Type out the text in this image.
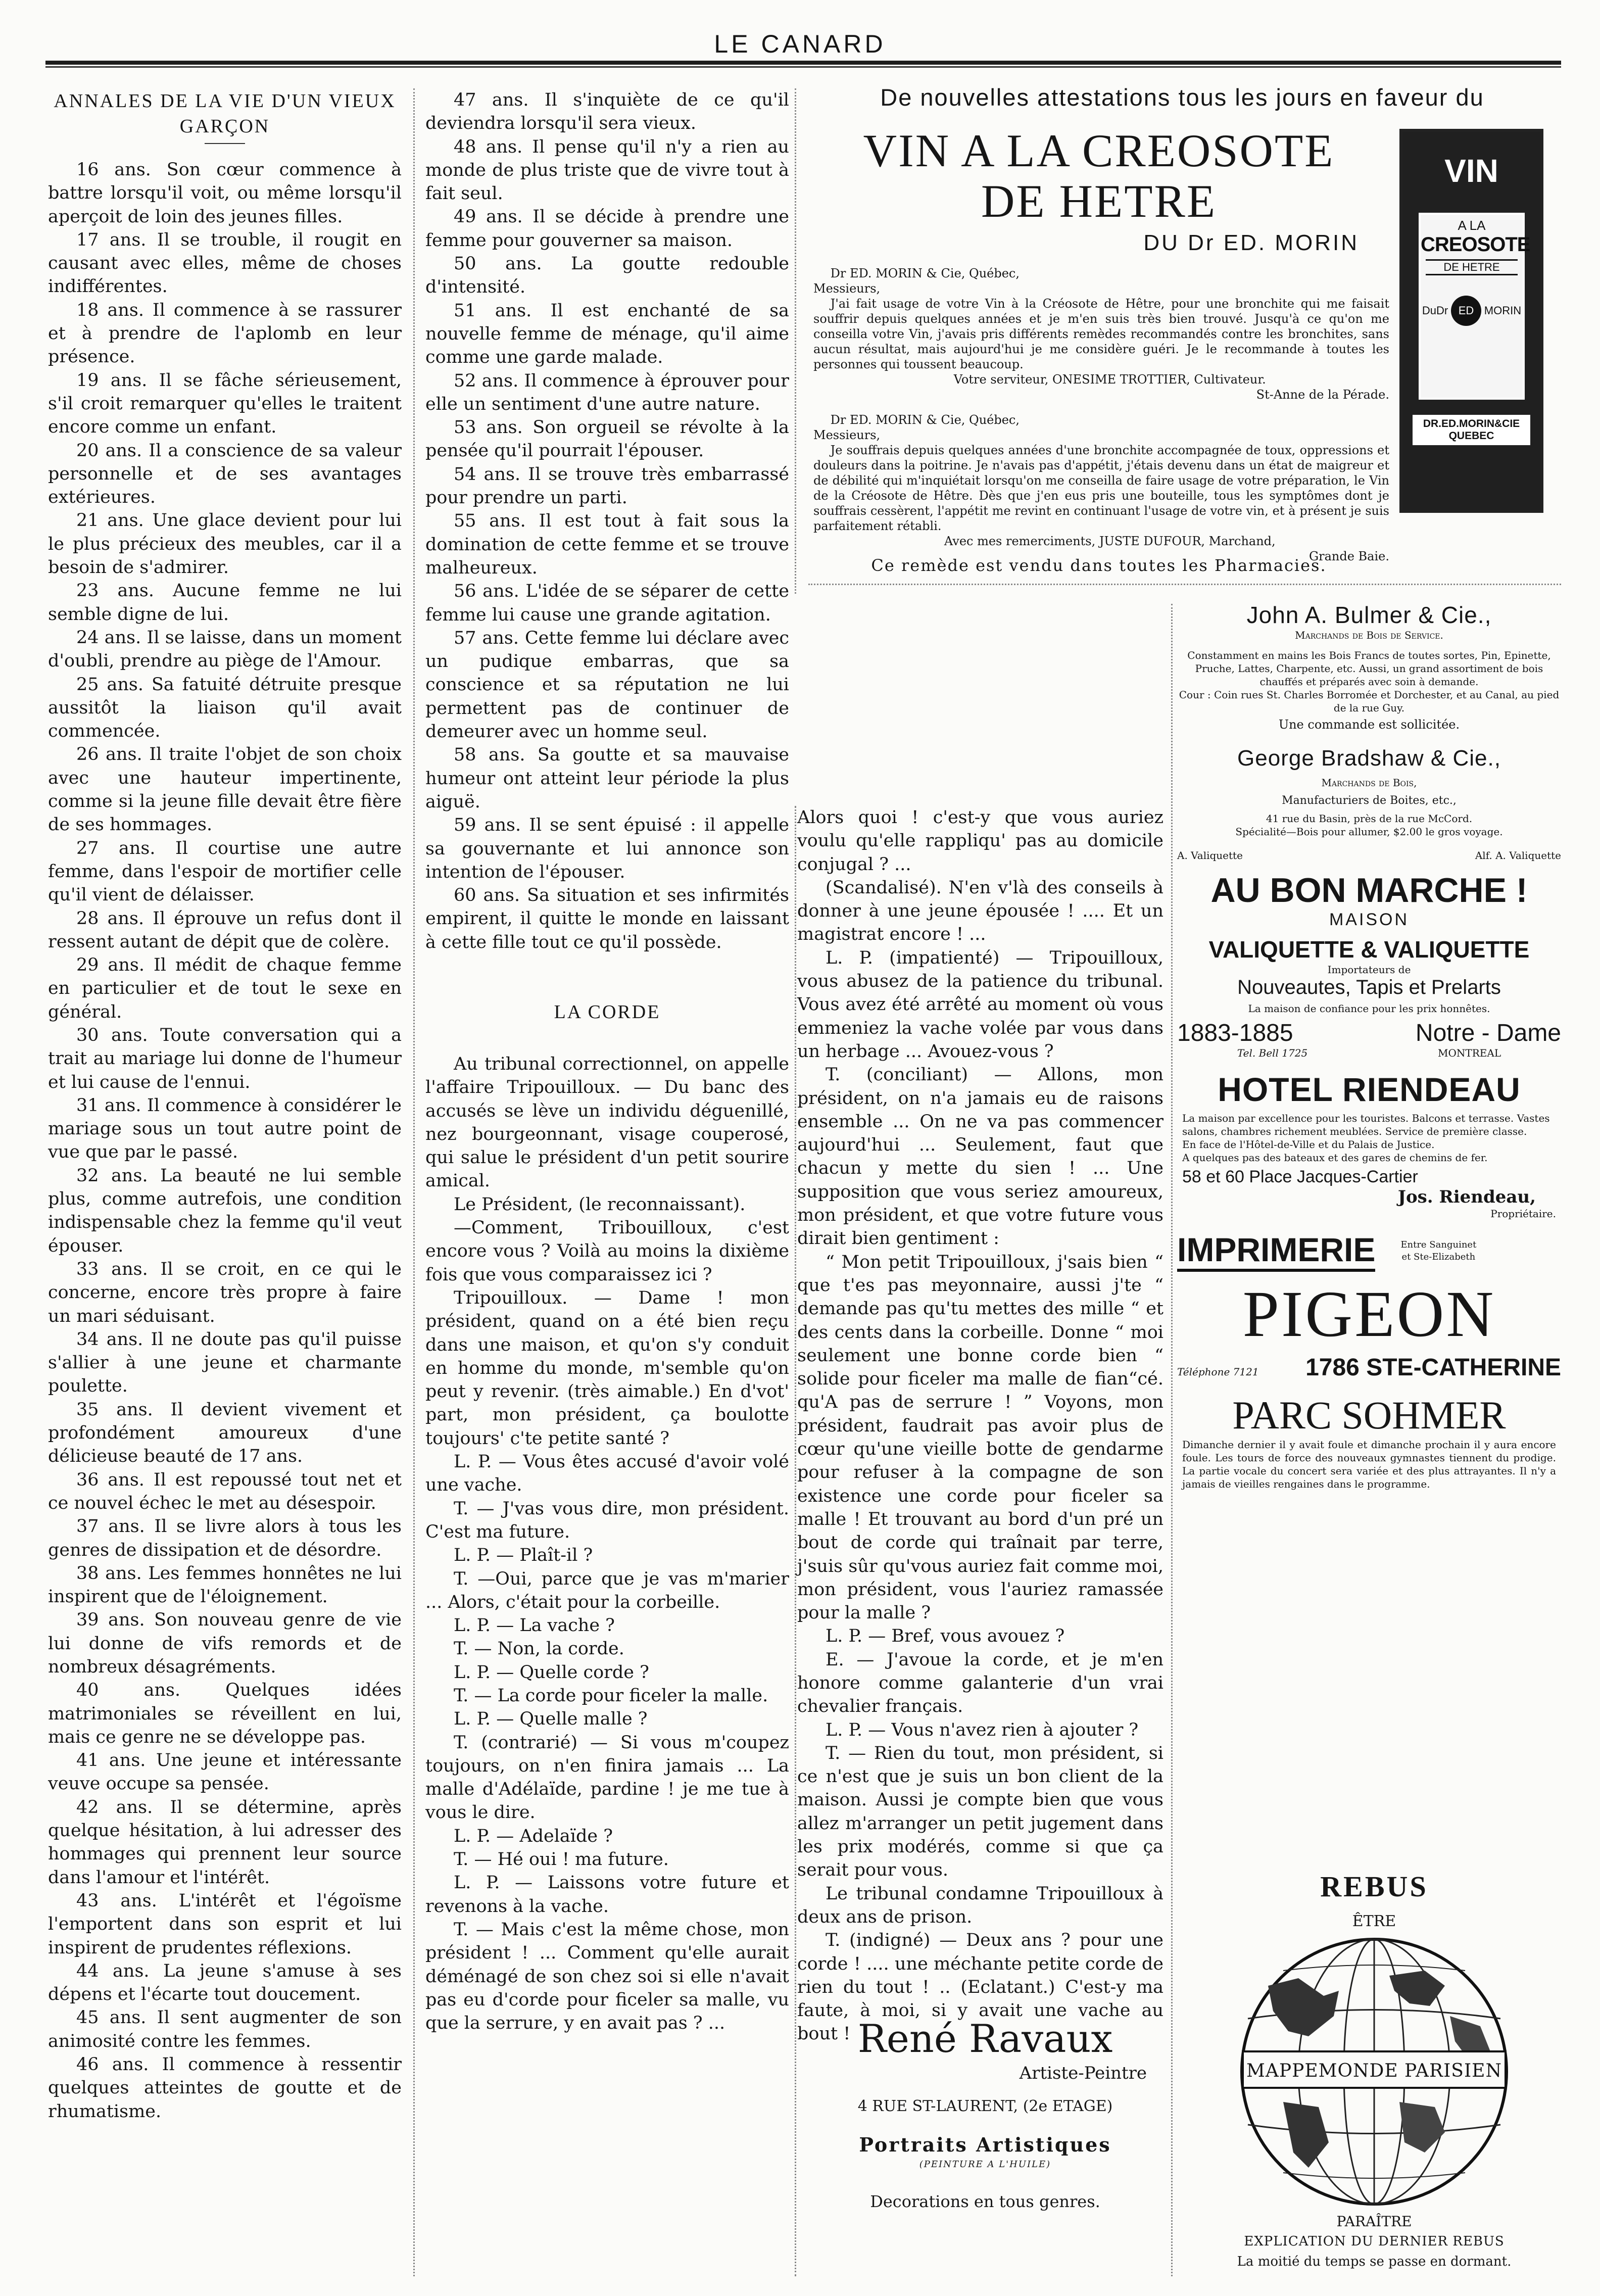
LE CANARD

ANNALES DE LA VIE D'UN VIEUX GARÇON

16 ans. Son cœur commence à battre lorsqu'il voit, ou même lorsqu'il aperçoit de loin des jeunes filles.

17 ans. Il se trouble, il rougit en causant avec elles, même de choses indifférentes.

18 ans. Il commence à se rassurer et à prendre de l'aplomb en leur présence.

19 ans. Il se fâche sérieusement, s'il croit remarquer qu'elles le traitent encore comme un enfant.

20 ans. Il a conscience de sa valeur personnelle et de ses avantages extérieures.

21 ans. Une glace devient pour lui le plus précieux des meubles, car il a besoin de s'admirer.

23 ans. Aucune femme ne lui semble digne de lui.

24 ans. Il se laisse, dans un moment d'oubli, prendre au piège de l'Amour.

25 ans. Sa fatuité détruite presque aussitôt la liaison qu'il avait commencée.

26 ans. Il traite l'objet de son choix avec une hauteur impertinente, comme si la jeune fille devait être fière de ses hommages.

27 ans. Il courtise une autre femme, dans l'espoir de mortifier celle qu'il vient de délaisser.

28 ans. Il éprouve un refus dont il ressent autant de dépit que de colère.

29 ans. Il médit de chaque femme en particulier et de tout le sexe en général.

30 ans. Toute conversation qui a trait au mariage lui donne de l'humeur et lui cause de l'ennui.

31 ans. Il commence à considérer le mariage sous un tout autre point de vue que par le passé.

32 ans. La beauté ne lui semble plus, comme autrefois, une condition indispensable chez la femme qu'il veut épouser.

33 ans. Il se croit, en ce qui le concerne, encore très propre à faire un mari séduisant.

34 ans. Il ne doute pas qu'il puisse s'allier à une jeune et charmante poulette.

35 ans. Il devient vivement et profondément amoureux d'une délicieuse beauté de 17 ans.

36 ans. Il est repoussé tout net et ce nouvel échec le met au désespoir.

37 ans. Il se livre alors à tous les genres de dissipation et de désordre.

38 ans. Les femmes honnêtes ne lui inspirent que de l'éloignement.

39 ans. Son nouveau genre de vie lui donne de vifs remords et de nombreux désagréments.

40 ans. Quelques idées matrimoniales se réveillent en lui, mais ce genre ne se développe pas.

41 ans. Une jeune et intéressante veuve occupe sa pensée.

42 ans. Il se détermine, après quelque hésitation, à lui adresser des hommages qui prennent leur source dans l'amour et l'intérêt.

43 ans. L'intérêt et l'égoïsme l'emportent dans son esprit et lui inspirent de prudentes réflexions.

44 ans. La jeune s'amuse à ses dépens et l'écarte tout doucement.

45 ans. Il sent augmenter de son animosité contre les femmes.

46 ans. Il commence à ressentir quelques atteintes de goutte et de rhumatisme.

47 ans. Il s'inquiète de ce qu'il deviendra lorsqu'il sera vieux.

48 ans. Il pense qu'il n'y a rien au monde de plus triste que de vivre tout à fait seul.

49 ans. Il se décide à prendre une femme pour gouverner sa maison.

50 ans. La goutte redouble d'intensité.

51 ans. Il est enchanté de sa nouvelle femme de ménage, qu'il aime comme une garde malade.

52 ans. Il commence à éprouver pour elle un sentiment d'une autre nature.

53 ans. Son orgueil se révolte à la pensée qu'il pourrait l'épouser.

54 ans. Il se trouve très embarrassé pour prendre un parti.

55 ans. Il est tout à fait sous la domination de cette femme et se trouve malheureux.

56 ans. L'idée de se séparer de cette femme lui cause une grande agitation.

57 ans. Cette femme lui déclare avec un pudique embarras, que sa conscience et sa réputation ne lui permettent pas de continuer de demeurer avec un homme seul.

58 ans. Sa goutte et sa mauvaise humeur ont atteint leur période la plus aiguë.

59 ans. Il se sent épuisé : il appelle sa gouvernante et lui annonce son intention de l'épouser.

60 ans. Sa situation et ses infirmités empirent, il quitte le monde en laissant à cette fille tout ce qu'il possède.

LA CORDE

Au tribunal correctionnel, on appelle l'affaire Tripouilloux. — Du banc des accusés se lève un individu déguenillé, nez bourgeonnant, visage couperosé, qui salue le président d'un petit sourire amical.

Le Président, (le reconnaissant).

—Comment, Tribouilloux, c'est encore vous ? Voilà au moins la dixième fois que vous comparaissez ici ?

Tripouilloux. — Dame ! mon président, quand on a été bien reçu dans une maison, et qu'on s'y conduit en homme du monde, m'semble qu'on peut y revenir. (très aimable.) En d'vot' part, mon président, ça boulotte toujours' c'te petite santé ?

L. P. — Vous êtes accusé d'avoir volé une vache.

T. — J'vas vous dire, mon président. C'est ma future.

L. P. — Plaît-il ?

T. —Oui, parce que je vas m'marier ... Alors, c'était pour la corbeille.

L. P. — La vache ?

T. — Non, la corde.

L. P. — Quelle corde ?

T. — La corde pour ficeler la malle.

L. P. — Quelle malle ?

T. (contrarié) — Si vous m'coupez toujours, on n'en finira jamais ... La malle d'Adélaïde, pardine ! je me tue à vous le dire.

L. P. — Adelaïde ?

T. — Hé oui ! ma future.

L. P. — Laissons votre future et revenons à la vache.

T. — Mais c'est la même chose, mon président ! ... Comment qu'elle aurait déménagé de son chez soi si elle n'avait pas eu d'corde pour ficeler sa malle, vu que la serrure, y en avait pas ? ...

De nouvelles attestations tous les jours en faveur du
VIN A LA CREOSOTE
DE HETRE
DU Dr ED. MORIN

Dr ED. MORIN & Cie, Québec,

Messieurs,

J'ai fait usage de votre Vin à la Créosote de Hêtre, pour une bronchite qui me faisait souffrir depuis quelques années et je m'en suis très bien trouvé. Jusqu'à ce qu'on me conseilla votre Vin, j'avais pris différents remèdes recommandés contre les bronchites, sans aucun résultat, mais aujourd'hui je me considère guéri. Je le recommande à toutes les personnes qui toussent beaucoup.

Votre serviteur, ONESIME TROTTIER, Cultivateur.

St-Anne de la Pérade.

Dr ED. MORIN & Cie, Québec,

Messieurs,

Je souffrais depuis quelques années d'une bronchite accompagnée de toux, oppressions et douleurs dans la poitrine. Je n'avais pas d'appétit, j'étais devenu dans un état de maigreur et de débilité qui m'inquiétait lorsqu'on me conseilla de faire usage de votre préparation, le Vin de la Créosote de Hêtre. Dès que j'en eus pris une bouteille, tous les symptômes dont je souffrais cessèrent, l'appétit me revint en continuant l'usage de votre vin, et à présent je suis parfaitement rétabli.

Avec mes remerciments, JUSTE DUFOUR, Marchand,

Grande Baie.

VIN
A LA
CREOSOTE
DE HETRE
DuDr ED MORIN
DR.ED.MORIN&CIE
QUEBEC
Ce remède est vendu dans toutes les Pharmacies.

Alors quoi ! c'est-y que vous auriez voulu qu'elle rappliqu' pas au domicile conjugal ? ...

(Scandalisé). N'en v'là des conseils à donner à une jeune épousée ! .... Et un magistrat encore ! ...

L. P. (impatienté) — Tripouilloux, vous abusez de la patience du tribunal. Vous avez été arrêté au moment où vous emmeniez la vache volée par vous dans un herbage ... Avouez-vous ?

T. (conciliant) — Allons, mon président, on n'a jamais eu de raisons ensemble ... On ne va pas commencer aujourd'hui ... Seulement, faut que chacun y mette du sien ! ... Une supposition que vous seriez amoureux, mon président, et que votre future vous dirait bien gentiment :

“ Mon petit Tripouilloux, j'sais bien “ que t'es pas meyonnaire, aussi j'te “ demande pas qu'tu mettes des mille “ et des cents dans la corbeille. Donne “ moi seulement une bonne corde bien “ solide pour ficeler ma malle de fian“cé. qu'A pas de serrure ! ” Voyons, mon président, faudrait pas avoir plus de cœur qu'une vieille botte de gendarme pour refuser à la compagne de son existence une corde pour ficeler sa malle ! Et trouvant au bord d'un pré un bout de corde qui traînait par terre, j'suis sûr qu'vous auriez fait comme moi, mon président, vous l'auriez ramassée pour la malle ?

L. P. — Bref, vous avouez ?

E. — J'avoue la corde, et je m'en honore comme galanterie d'un vrai chevalier français.

L. P. — Vous n'avez rien à ajouter ?

T. — Rien du tout, mon président, si ce n'est que je suis un bon client de la maison. Aussi je compte bien que vous allez m'arranger un petit jugement dans les prix modérés, comme si que ça serait pour vous.

Le tribunal condamne Tripouilloux à deux ans de prison.

T. (indigné) — Deux ans ? pour une corde ! .... une méchante petite corde de rien du tout ! .. (Eclatant.) C'est-y ma faute, à moi, si y avait une vache au bout !

John A. Bulmer & Cie.,
Marchands de Bois de Service.
Constamment en mains les Bois Francs de toutes sortes, Pin, Epinette, Pruche, Lattes, Charpente, etc. Aussi, un grand assortiment de bois chauffés et préparés avec soin à demande.
Cour : Coin rues St. Charles Borromée et Dorchester, et au Canal, au pied de la rue Guy.
Une commande est sollicitée.
George Bradshaw & Cie.,
Marchands de Bois,
Manufacturiers de Boites, etc.,
41 rue du Basin, près de la rue McCord.
Spécialité—Bois pour allumer, $2.00 le gros voyage.
A. Valiquette	Alf. A. Valiquette
AU BON MARCHE !
MAISON
VALIQUETTE & VALIQUETTE
Importateurs de
Nouveautes, Tapis et Prelarts
La maison de confiance pour les prix honnêtes.
1883-1885	Notre - Dame
Tel. Bell 1725	MONTREAL
HOTEL RIENDEAU
La maison par excellence pour les touristes. Balcons et terrasse. Vastes salons, chambres richement meublées. Service de première classe.
En face de l'Hôtel-de-Ville et du Palais de Justice.
A quelques pas des bateaux et des gares de chemins de fer.
58 et 60 Place Jacques-Cartier
Jos. Riendeau,
Propriétaire.
IMPRIMERIE	Entre Sanguinet
et Ste-Elizabeth
PIGEON
Téléphone 7121 1786 STE-CATHERINE
PARC SOHMER
Dimanche dernier il y avait foule et dimanche prochain il y aura encore foule. Les tours de force des nouveaux gymnastes tiennent du prodige. La partie vocale du concert sera variée et des plus attrayantes. Il n'y a jamais de vieilles rengaines dans le programme.
REBUS
ÊTRE
MAPPEMONDE PARISIEN
PARAÎTRE
EXPLICATION DU DERNIER REBUS
La moitié du temps se passe en dormant.
René Ravaux
Artiste-Peintre
4 RUE ST-LAURENT, (2e ETAGE)
Portraits Artistiques
(PEINTURE A L'HUILE)
Decorations en tous genres.
